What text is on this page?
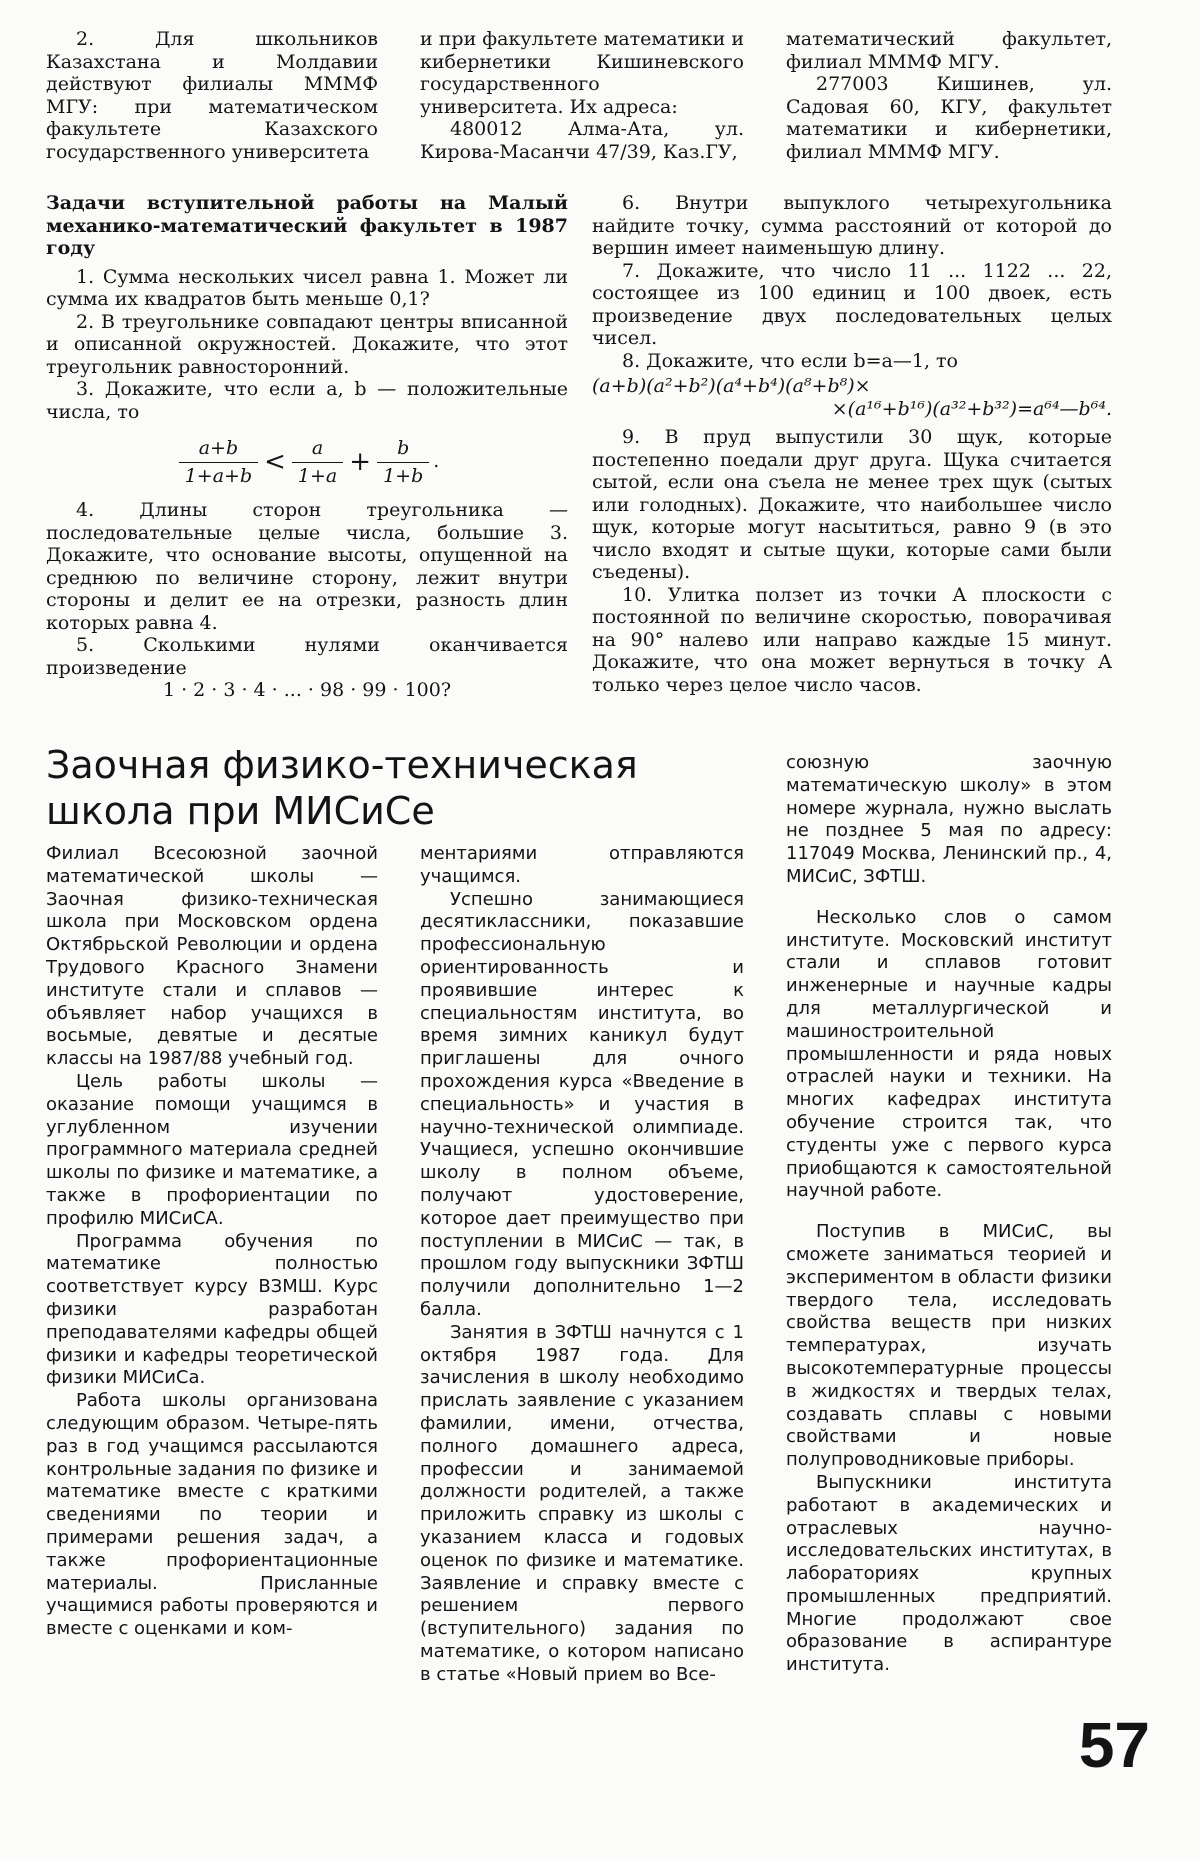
2. Для школьников Казахстана и Молдавии действуют филиалы МММФ МГУ: при математическом факультете Казахского государственного университета

и при факультете математики и кибернетики Кишиневского государственного университета. Их адреса:

480012 Алма-Ата, ул. Кирова-Масанчи 47/39, Каз.ГУ,

математический факультет, филиал МММФ МГУ.

277003 Кишинев, ул. Садовая 60, КГУ, факультет математики и кибернетики, филиал МММФ МГУ.

Задачи вступительной работы на Малый механико-математический факультет в 1987 году

1. Сумма нескольких чисел равна 1. Может ли сумма их квадратов быть меньше 0,1?

2. В треугольнике совпадают центры вписанной и описанной окружностей. Докажите, что этот треугольник равносторонний.

3. Докажите, что если a, b — положительные числа, то

$\frac{a+b}{1+a+b} < \frac{a}{1+a} + \frac{b}{1+b}$ .

4. Длины сторон треугольника — последовательные целые числа, большие 3. Докажите, что основание высоты, опущенной на среднюю по величине сторону, лежит внутри стороны и делит ее на отрезки, разность длин которых равна 4.

5. Сколькими нулями оканчивается произведение

1 · 2 · 3 · 4 · ... · 98 · 99 · 100?

6. Внутри выпуклого четырехугольника найдите точку, сумма расстояний от которой до вершин имеет наименьшую длину.

7. Докажите, что число 11 ... 1122 ... 22, состоящее из 100 единиц и 100 двоек, есть произведение двух последовательных целых чисел.

8. Докажите, что если b=a—1, то

(a+b)(a²+b²)(a⁴+b⁴)(a⁸+b⁸)×

×(a¹⁶+b¹⁶)(a³²+b³²)=a⁶⁴—b⁶⁴.

9. В пруд выпустили 30 щук, которые постепенно поедали друг друга. Щука считается сытой, если она съела не менее трех щук (сытых или голодных). Докажите, что наибольшее число щук, которые могут насытиться, равно 9 (в это число входят и сытые щуки, которые сами были съедены).

10. Улитка ползет из точки A плоскости с постоянной по величине скоростью, поворачивая на 90° налево или направо каждые 15 минут. Докажите, что она может вернуться в точку A только через целое число часов.

Заочная физико-техническая школа при МИСиСе

Филиал Всесоюзной заочной математической школы — Заочная физико-техническая школа при Московском ордена Октябрьской Революции и ордена Трудового Красного Знамени институте стали и сплавов — объявляет набор учащихся в восьмые, девятые и десятые классы на 1987/88 учебный год.

Цель работы школы — оказание помощи учащимся в углубленном изучении программного материала средней школы по физике и математике, а также в профориентации по профилю МИСиСА.

Программа обучения по математике полностью соответствует курсу ВЗМШ. Курс физики разработан преподавателями кафедры общей физики и кафедры теоретической физики МИСиСа.

Работа школы организована следующим образом. Четыре-пять раз в год учащимся рассылаются контрольные задания по физике и математике вместе с краткими сведениями по теории и примерами решения задач, а также профориентационные материалы. Присланные учащимися работы проверяются и вместе с оценками и ком-

ментариями отправляются учащимся.

Успешно занимающиеся десятиклассники, показавшие профессиональную ориентированность и проявившие интерес к специальностям института, во время зимних каникул будут приглашены для очного прохождения курса «Введение в специальность» и участия в научно-технической олимпиаде. Учащиеся, успешно окончившие школу в полном объеме, получают удостоверение, которое дает преимущество при поступлении в МИСиС — так, в прошлом году выпускники ЗФТШ получили дополнительно 1—2 балла.

Занятия в ЗФТШ начнутся с 1 октября 1987 года. Для зачисления в школу необходимо прислать заявление с указанием фамилии, имени, отчества, полного домашнего адреса, профессии и занимаемой должности родителей, а также приложить справку из школы с указанием класса и годовых оценок по физике и математике. Заявление и справку вместе с решением первого (вступительного) задания по математике, о котором написано в статье «Новый прием во Все-

союзную заочную математическую школу» в этом номере журнала, нужно выслать не позднее 5 мая по адресу: 117049 Москва, Ленинский пр., 4, МИСиС, ЗФТШ.

Несколько слов о самом институте. Московский институт стали и сплавов готовит инженерные и научные кадры для металлургической и машиностроительной промышленности и ряда новых отраслей науки и техники. На многих кафедрах института обучение строится так, что студенты уже с первого курса приобщаются к самостоятельной научной работе.

Поступив в МИСиС, вы сможете заниматься теорией и экспериментом в области физики твердого тела, исследовать свойства веществ при низких температурах, изучать высокотемпературные процессы в жидкостях и твердых телах, создавать сплавы с новыми свойствами и новые полупроводниковые приборы.

Выпускники института работают в академических и отраслевых научно-исследовательских институтах, в лабораториях крупных промышленных предприятий. Многие продолжают свое образование в аспирантуре института.

57
